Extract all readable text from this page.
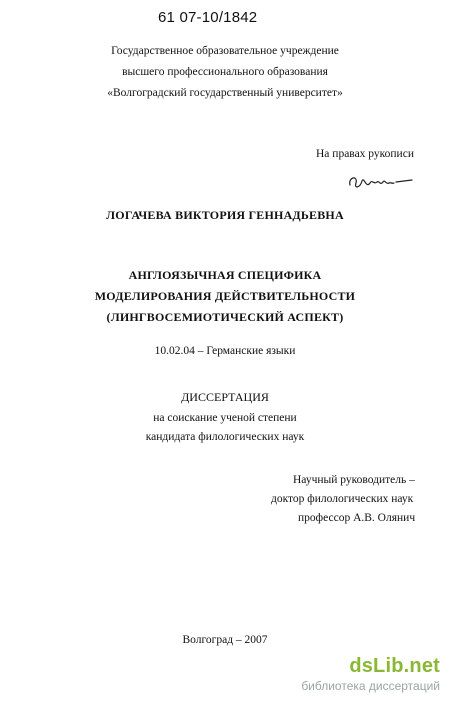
61 07-10/1842
Государственное образовательное учреждение
высшего профессионального образования
«Волгоградский государственный университет»
На правах рукописи
ЛОГАЧЕВА ВИКТОРИЯ ГЕННАДЬЕВНА
АНГЛОЯЗЫЧНАЯ СПЕЦИФИКА
МОДЕЛИРОВАНИЯ ДЕЙСТВИТЕЛЬНОСТИ
(ЛИНГВОСЕМИОТИЧЕСКИЙ АСПЕКТ)
10.02.04 – Германские языки
ДИССЕРТАЦИЯ
на соискание ученой степени
кандидата филологических наук
Научный руководитель –
доктор филологических наук
профессор А.В. Олянич
Волгоград – 2007
dsLib.net
библиотека диссертаций
